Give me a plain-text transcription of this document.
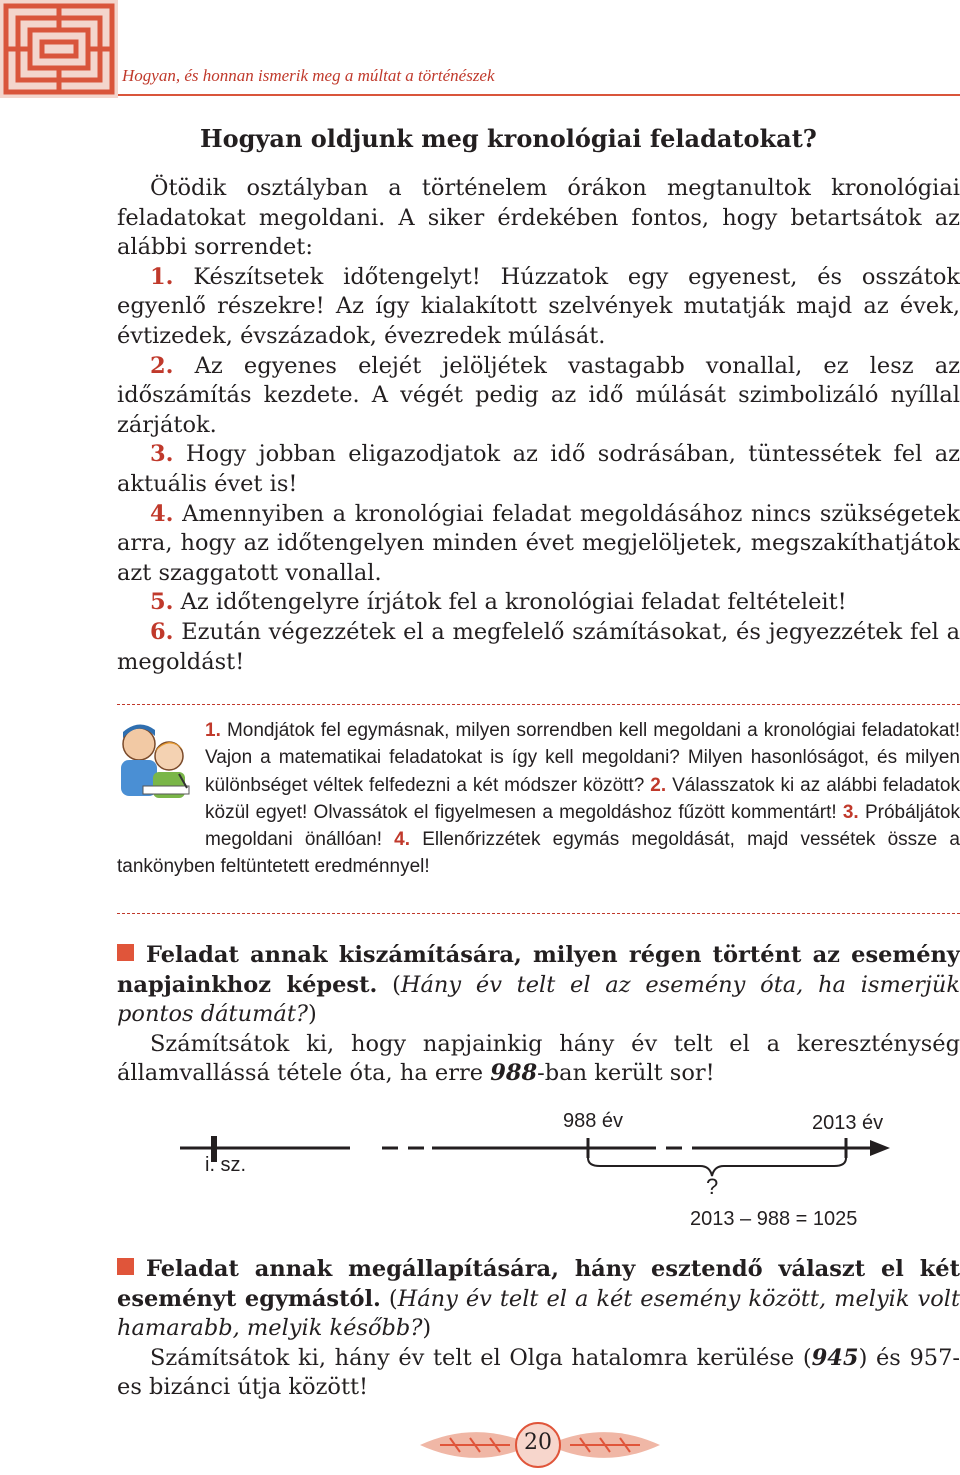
Hogyan, és honnan ismerik meg a múltat a történészek
Hogyan oldjunk meg kronológiai feladatokat?

Ötödik osztályban a történelem órákon megtanultok kronológiai feladatokat megoldani. A siker érdekében fontos, hogy betartsátok az alábbi sorrendet:

1. Készítsetek időtengelyt! Húzzatok egy egyenest, és osszátok egyenlő részekre! Az így kialakított szelvények mutatják majd az évek, évtizedek, évszázadok, évezredek múlását.

2. Az egyenes elejét jelöljétek vastagabb vonallal, ez lesz az időszámítás kezdete. A végét pedig az idő múlását szimbolizáló nyíllal zárjátok.

3. Hogy jobban eligazodjatok az idő sodrásában, tüntessétek fel az aktuális évet is!

4. Amennyiben a kronológiai feladat megoldásához nincs szükségetek arra, hogy az időtengelyen minden évet megjelöljetek, megszakíthatjátok azt szaggatott vonallal.

5. Az időtengelyre írjátok fel a kronológiai feladat feltételeit!

6. Ezután végezzétek el a megfelelő számításokat, és jegyezzétek fel a megoldást!

1. Mondjátok fel egymásnak, milyen sorrendben kell megoldani a kronológiai feladatokat! Vajon a matematikai feladatokat is így kell megoldani? Milyen hasonlóságot, és milyen különbséget véltek felfedezni a két módszer között? 2. Válasszatok ki az alábbi feladatok közül egyet! Olvassátok el figyelmesen a megoldáshoz fűzött kommentárt! 3. Próbáljátok megoldani önállóan! 4. Ellenőrizzétek egymás megoldását, majd vessétek össze a tankönyben feltüntetett eredménnyel!

Feladat annak kiszámítására, milyen régen történt az esemény napjainkhoz képest. (Hány év telt el az esemény óta, ha ismerjük pontos dátumát?)

Számítsátok ki, hogy napjainkig hány év telt el a kereszténység államvallássá tétele óta, ha erre 988-ban került sor!

i. sz.
988 év	2013 év
?
2013 – 988 = 1025

Feladat annak megállapítására, hány esztendő választ el két eseményt egymástól. (Hány év telt el a két esemény között, melyik volt hamarabb, melyik később?)

Számítsátok ki, hány év telt el Olga hatalomra kerülése (945) és 957-es bizánci útja között!

20
